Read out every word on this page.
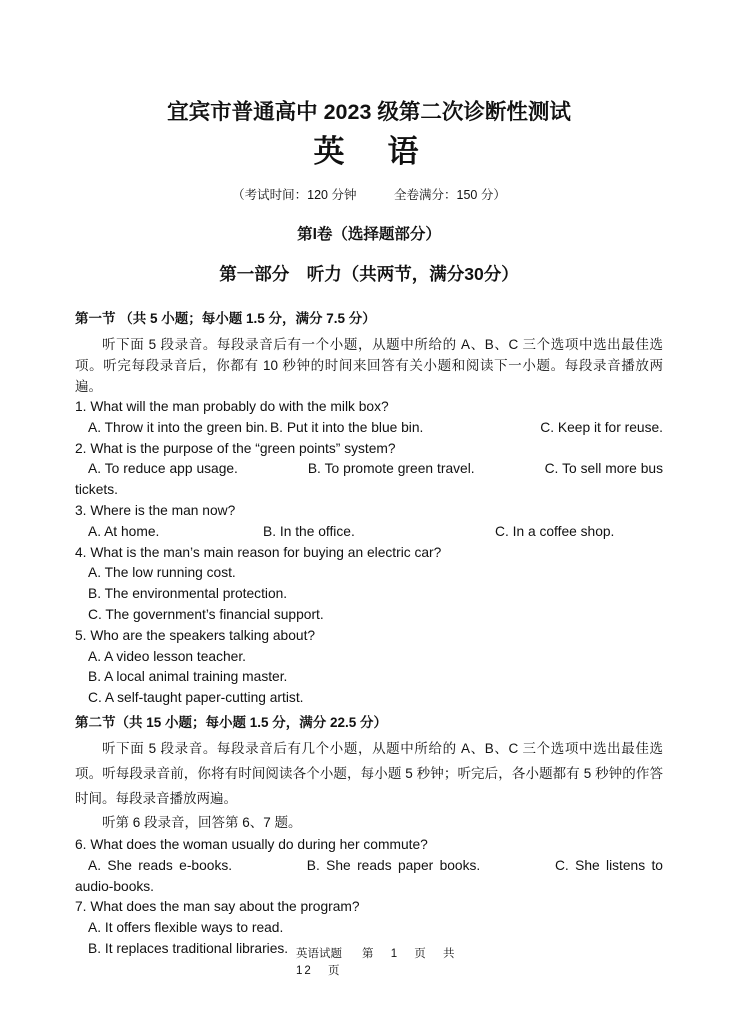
宜宾市普通高中 2023 级第二次诊断性测试
英　语
（考试时间：120 分钟　　　全卷满分：150 分）
第I卷（选择题部分）
第一部分　听力（共两节，满分30分）
第一节 （共 5 小题；每小题 1.5 分，满分 7.5 分）
听下面 5 段录音。每段录音后有一个小题，从题中所给的 A、B、C 三个选项中选出最佳选项。听完每段录音后，你都有 10 秒钟的时间来回答有关小题和阅读下一小题。每段录音播放两遍。
1. What will the man probably do with the milk box?
A. Throw it into the green bin. B. Put it into the blue bin.	C. Keep it for reuse.
2. What is the purpose of the “green points” system?
A. To reduce app usage.	B. To promote green travel.	C. To sell more bus tickets.
3. Where is the man now?
A. At home.	B. In the office.	C. In a coffee shop.
4. What is the man’s main reason for buying an electric car?
A. The low running cost.
B. The environmental protection.
C. The government’s financial support.
5. Who are the speakers talking about?
A. A video lesson teacher.
B. A local animal training master.
C. A self-taught paper-cutting artist.
第二节（共 15 小题；每小题 1.5 分，满分 22.5 分）
听下面 5 段录音。每段录音后有几个小题，从题中所给的 A、B、C 三个选项中选出最佳选项。听每段录音前，你将有时间阅读各个小题，每小题 5 秒钟；听完后，各小题都有 5 秒钟的作答时间。每段录音播放两遍。
听第 6 段录音，回答第 6、7 题。
6. What does the woman usually do during her commute?
A. She reads e-books.	B. She reads paper books.	C. She listens to audio-books.
7. What does the man say about the program?
A. It offers flexible ways to read.
B. It replaces traditional libraries. 英语试题 第 1 页 共
12 页
